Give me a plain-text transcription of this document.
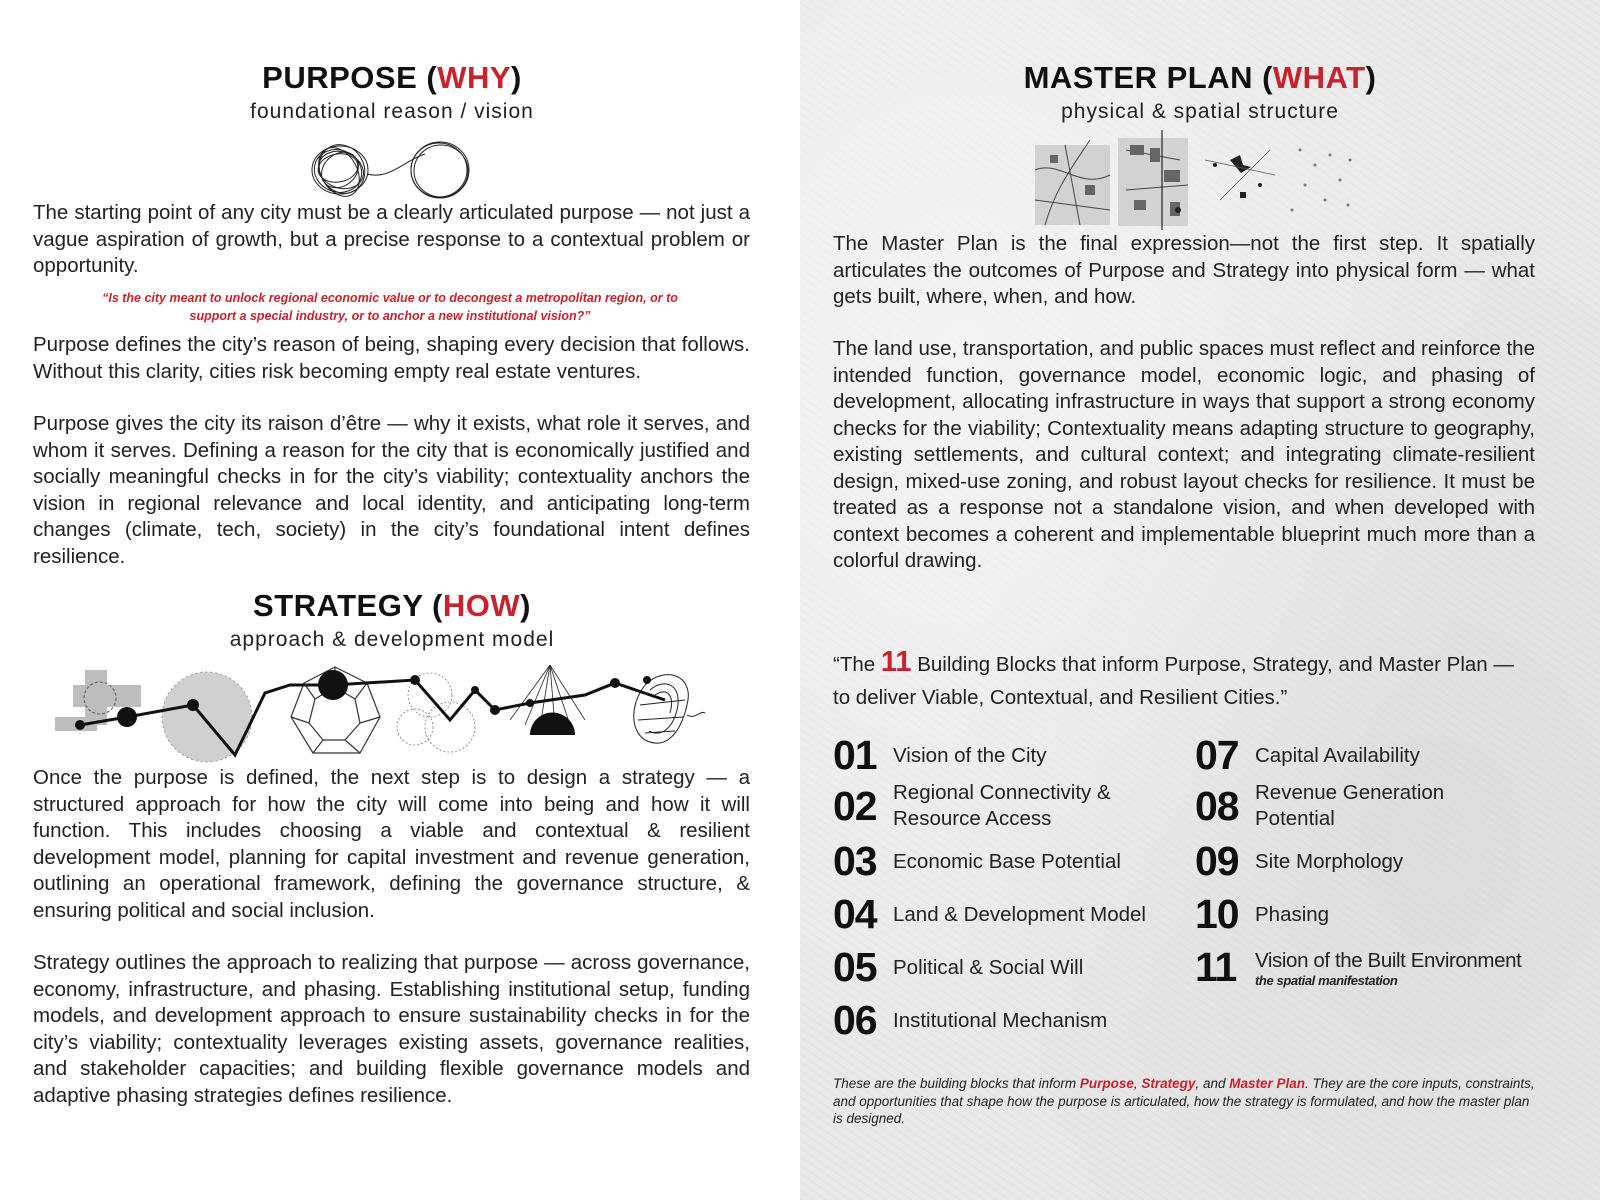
PURPOSE (WHY)

foundational reason / vision

The starting point of any city must be a clearly articulated purpose — not just a vague aspiration of growth, but a precise response to a contextual problem or opportunity.

“Is the city meant to unlock regional economic value or to decongest a metropolitan region, or to support a special industry, or to anchor a new institutional vision?”

Purpose defines the city’s reason of being, shaping every decision that follows. Without this clarity, cities risk becoming empty real estate ventures.

Purpose gives the city its raison d’être — why it exists, what role it serves, and whom it serves. Defining a reason for the city that is economically justified and socially meaningful checks in for the city’s viability; contextuality anchors the vision in regional relevance and local identity, and anticipating long-term changes (climate, tech, society) in the city’s foundational intent defines resilience.

STRATEGY (HOW)

approach & development model

Once the purpose is defined, the next step is to design a strategy — a structured approach for how the city will come into being and how it will function. This includes choosing a viable and contextual & resilient development model, planning for capital investment and revenue generation, outlining an operational framework, defining the governance structure, & ensuring political and social inclusion.

Strategy outlines the approach to realizing that purpose — across governance, economy, infrastructure, and phasing. Establishing institutional setup, funding models, and development approach to ensure sustainability checks in for the city’s viability; contextuality leverages existing assets, governance realities, and stakeholder capacities; and building flexible governance models and adaptive phasing strategies defines resilience.

MASTER PLAN (WHAT)

physical & spatial structure

The Master Plan is the final expression—not the first step. It spatially articulates the outcomes of Purpose and Strategy into physical form — what gets built, where, when, and how.

The land use, transportation, and public spaces must reflect and reinforce the intended function, governance model, economic logic, and phasing of development, allocating infrastructure in ways that support a strong economy checks for the viability; Contextuality means adapting structure to geography, existing settlements, and cultural context; and integrating climate-resilient design, mixed-use zoning, and robust layout checks for resilience. It must be treated as a response not a standalone vision, and when developed with context becomes a coherent and implementable blueprint much more than a colorful drawing.

“The 11 Building Blocks that inform Purpose, Strategy, and Master Plan — to deliver Viable, Contextual, and Resilient Cities.”

01 Vision of the City
02 Regional Connectivity & Resource Access
03 Economic Base Potential
04 Land & Development Model
05 Political & Social Will
06 Institutional Mechanism
07 Capital Availability
08 Revenue Generation Potential
09 Site Morphology
10 Phasing
11 Vision of the Built Environment
the spatial manifestation

These are the building blocks that inform Purpose, Strategy, and Master Plan. They are the core inputs, constraints, and opportunities that shape how the purpose is articulated, how the strategy is formulated, and how the master plan is designed.
